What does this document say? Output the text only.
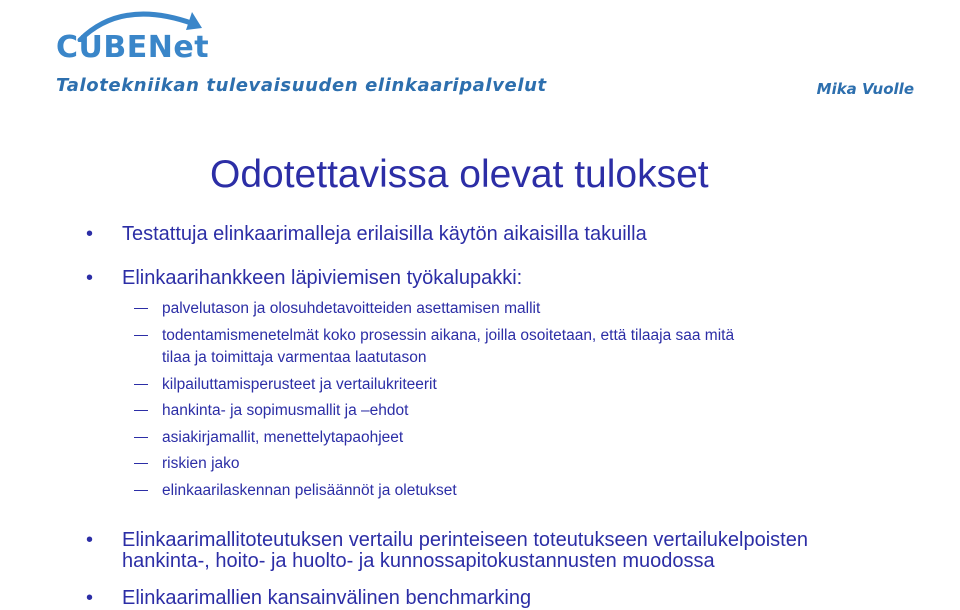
CUBENet
Talotekniikan tulevaisuuden elinkaaripalvelut	Mika Vuolle
Odotettavissa olevat tulokset
• Testattuja elinkaarimalleja erilaisilla käytön aikaisilla takuilla
• Elinkaarihankkeen läpiviemisen työkalupakki:
palvelutason ja olosuhdetavoitteiden asettamisen mallit
todentamismenetelmät koko prosessin aikana, joilla osoitetaan, että tilaaja saa mitä
tilaa ja toimittaja varmentaa laatutason
kilpailuttamisperusteet ja vertailukriteerit
hankinta- ja sopimusmallit ja –ehdot
asiakirjamallit, menettelytapaohjeet
riskien jako
elinkaarilaskennan pelisäännöt ja oletukset
• Elinkaarimallitoteutuksen vertailu perinteiseen toteutukseen vertailukelpoisten
hankinta-, hoito- ja huolto- ja kunnossapitokustannusten muodossa
• Elinkaarimallien kansainvälinen benchmarking
